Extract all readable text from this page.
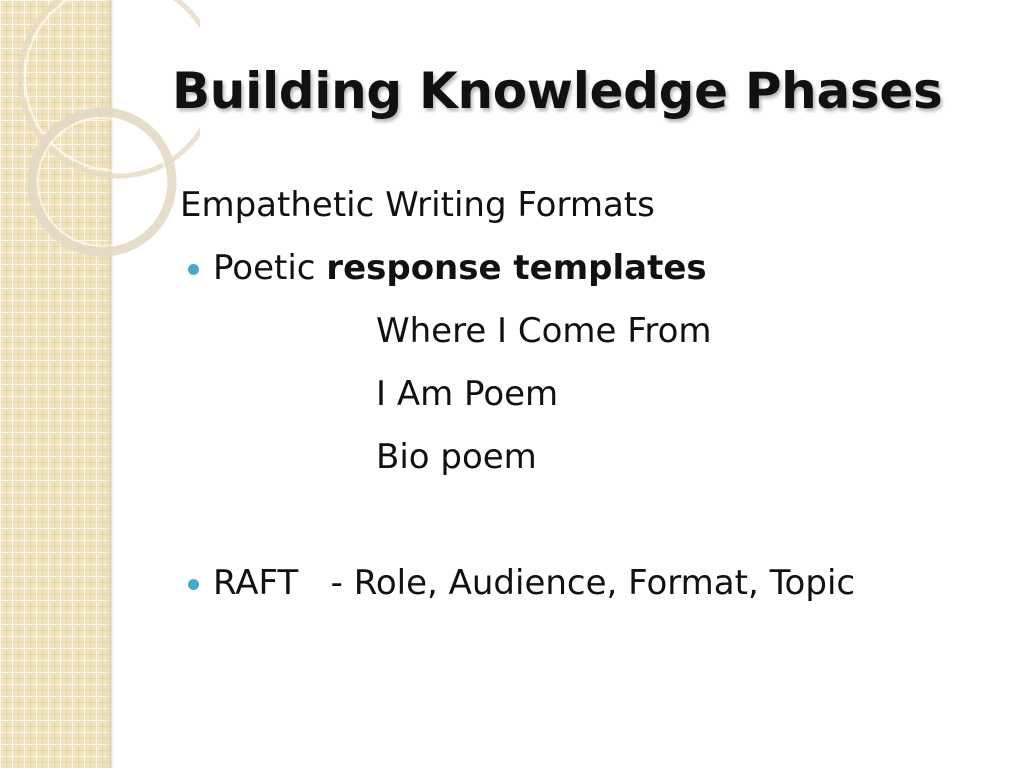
Building Knowledge Phases
Empathetic Writing Formats
Poetic response templates
Where I Come From
I Am Poem
Bio poem
RAFT   - Role, Audience, Format, Topic
